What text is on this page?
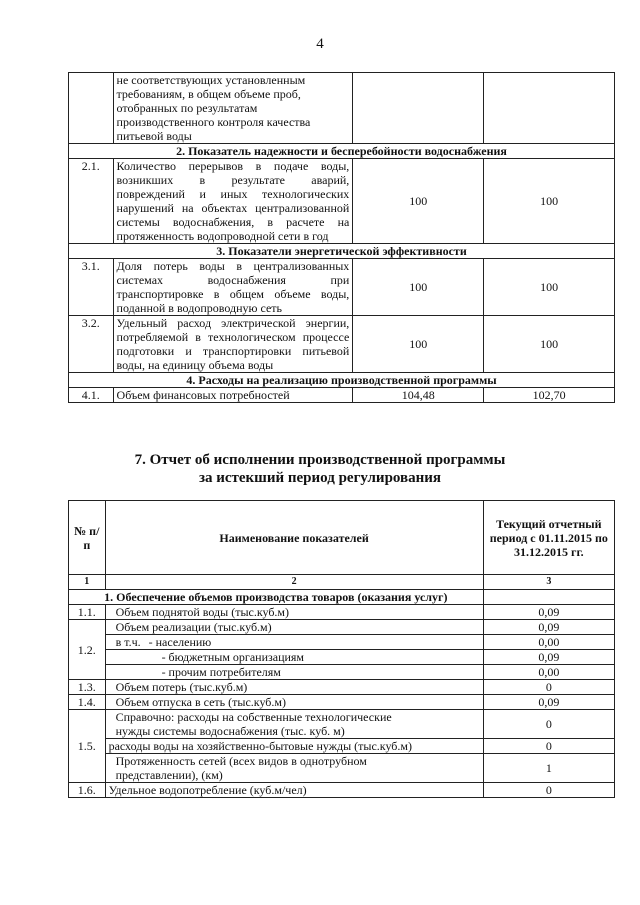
4
	не соответствующих установленным требованиям, в общем объеме проб, отобранных по результатам производственного контроля качества питьевой воды		
2. Показатель надежности и бесперебойности водоснабжения			
2.1.	Количество перерывов в подаче воды, возникших в результате аварий, повреждений и иных технологических нарушений на объектах централизованной системы водоснабжения, в расчете на протяженность водопроводной сети в год	100	100
3. Показатели энергетической эффективности			
3.1.	Доля потерь воды в централизованных системах водоснабжения при транспортировке в общем объеме воды, поданной в водопроводную сеть	100	100
3.2.	Удельный расход электрической энергии, потребляемой в технологическом процессе подготовки и транспортировки питьевой воды, на единицу объема воды	100	100
4. Расходы на реализацию производственной программы			
4.1.	Объем финансовых потребностей	104,48	102,70
7. Отчет об исполнении производственной программы
за истекший период регулирования
№ п/п	Наименование показателей	Текущий отчетный период с 01.11.2015 по 31.12.2015 гг.
1	2	3
1. Обеспечение объемов производства товаров (оказания услуг)		
1.1.	Объем поднятой воды (тыс.куб.м)	0,09
1.2.	Объем реализации (тыс.куб.м)	0,09
	в т.ч. - населению	0,00
	- бюджетным организациям	0,09
	- прочим потребителям	0,00
1.3.	Объем потерь (тыс.куб.м)	0
1.4.	Объем отпуска в сеть (тыс.куб.м)	0,09
1.5.	Справочно: расходы на собственные технологические нужды системы водоснабжения (тыс. куб. м)	0
	расходы воды на хозяйственно-бытовые нужды (тыс.куб.м)	0
	Протяженность сетей (всех видов в однотрубном представлении), (км)	1
1.6.	Удельное водопотребление (куб.м/чел)	0
